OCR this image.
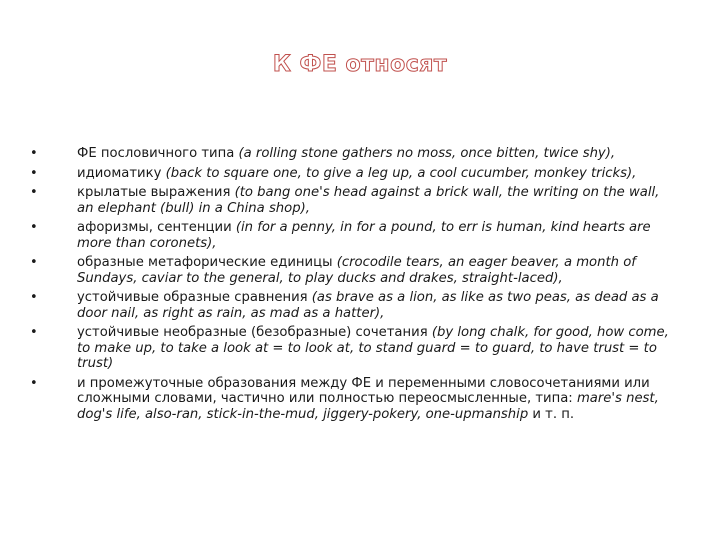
К ФЕ относят
•	ФЕ пословичного типа (a rolling stone gathers no moss, once bitten, twice shy),
•	идиоматику (back to square one, to give a leg up, a cool cucumber, monkey tricks),
•	крылатые выражения (to bang one's head against a brick wall, the writing on the wall, an elephant (bull) in a China shop),
•	афоризмы, сентенции (in for a penny, in for a pound, to err is human, kind hearts are more than coronets),
•	образные метафорические единицы (crocodile tears, an eager beaver, a month of Sundays, caviar to the general, to play ducks and drakes, straight-laced),
•	устойчивые образные сравнения (as brave as a lion, as like as two peas, as dead as a door nail, as right as rain, as mad as a hatter),
•	устойчивые необразные (безобразные) сочетания (by long chalk, for good, how come, to make up, to take a look at = to look at, to stand guard = to guard, to have trust = to trust)
•	и промежуточные образования между ФЕ и переменными словосочетаниями или сложными словами, частично или полностью переосмысленные, типа: mare's nest, dog's life, also-ran, stick-in-the-mud, jiggery-pokery, one-upmanship и т. п.
